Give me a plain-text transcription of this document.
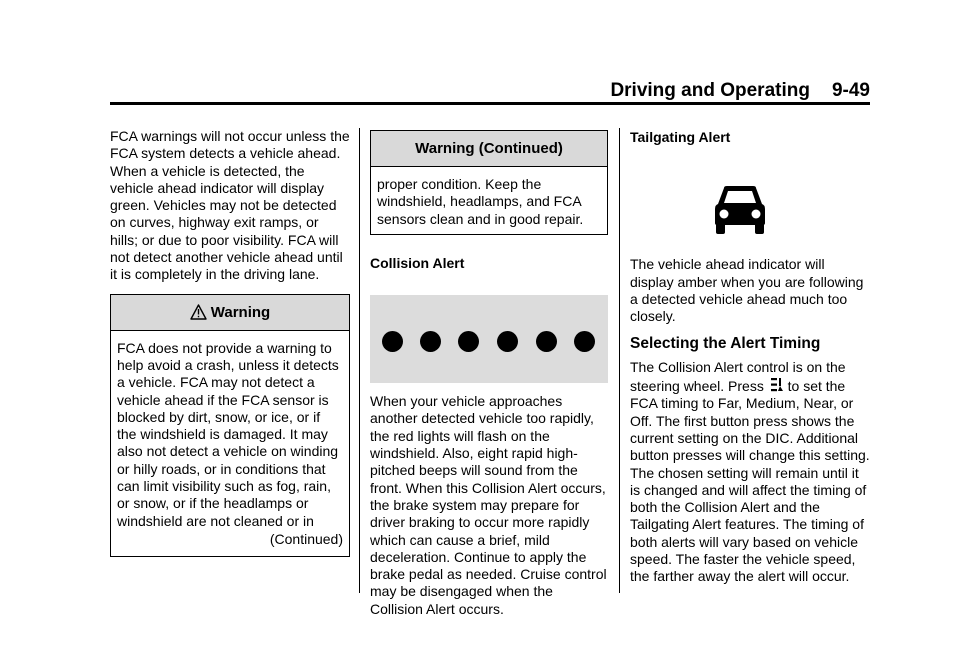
Driving and Operating 9-49

FCA warnings will not occur unless the FCA system detects a vehicle ahead. When a vehicle is detected, the vehicle ahead indicator will display green. Vehicles may not be detected on curves, highway exit ramps, or hills; or due to poor visibility. FCA will not detect another vehicle ahead until it is completely in the driving lane.

Warning

FCA does not provide a warning to help avoid a crash, unless it detects a vehicle. FCA may not detect a vehicle ahead if the FCA sensor is blocked by dirt, snow, or ice, or if the windshield is damaged. It may also not detect a vehicle on winding or hilly roads, or in conditions that can limit visibility such as fog, rain, or snow, or if the headlamps or windshield are not cleaned or in

(Continued)
Warning (Continued)

proper condition. Keep the windshield, headlamps, and FCA sensors clean and in good repair.

Collision Alert

When your vehicle approaches another detected vehicle too rapidly, the red lights will flash on the windshield. Also, eight rapid high-pitched beeps will sound from the front. When this Collision Alert occurs, the brake system may prepare for driver braking to occur more rapidly which can cause a brief, mild deceleration. Continue to apply the brake pedal as needed. Cruise control may be disengaged when the Collision Alert occurs.

Tailgating Alert

The vehicle ahead indicator will display amber when you are following a detected vehicle ahead much too closely.

Selecting the Alert Timing

The Collision Alert control is on the steering wheel. Press  to set the FCA timing to Far, Medium, Near, or Off. The first button press shows the current setting on the DIC. Additional button presses will change this setting. The chosen setting will remain until it is changed and will affect the timing of both the Collision Alert and the Tailgating Alert features. The timing of both alerts will vary based on vehicle speed. The faster the vehicle speed, the farther away the alert will occur.
